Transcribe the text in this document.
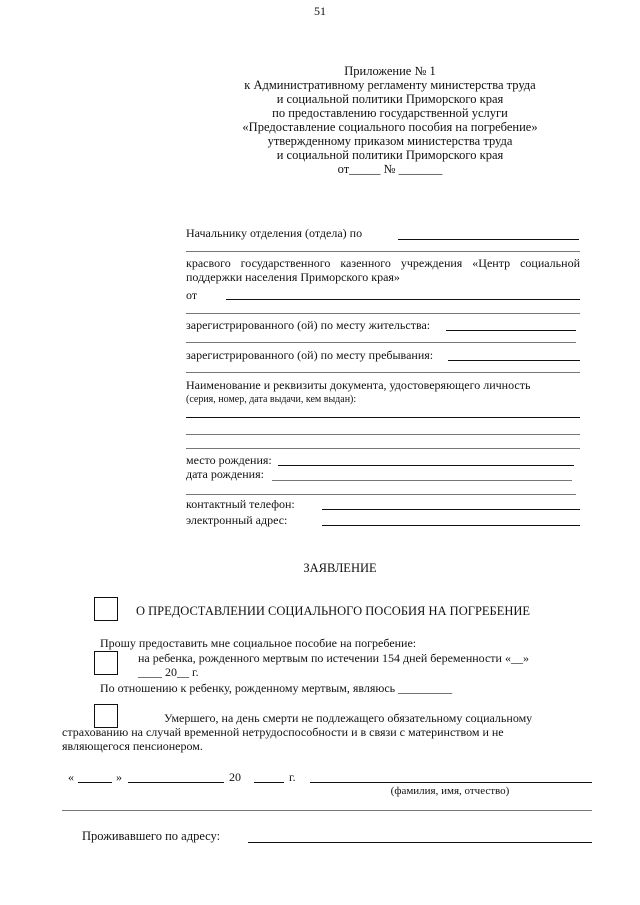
51
Приложение № 1
к Административному регламенту министерства труда
и социальной политики Приморского края
по предоставлению государственной услуги
«Предоставление социального пособия на погребение»
утвержденному приказом министерства труда
и социальной политики Приморского края
от_____ № _______
Начальнику отделения (отдела) по
красвого государственного казенного учреждения «Центр социальной поддержки населения Приморского края»
от
зарегистрированного (ой) по месту жительства:
зарегистрированного (ой) по месту пребывания:
Наименование и реквизиты документа, удостоверяющего личность
(серия, номер, дата выдачи, кем выдан):
место рождения:
дата рождения:
контактный телефон:
электронный адрес:
ЗАЯВЛЕНИЕ
О ПРЕДОСТАВЛЕНИИ СОЦИАЛЬНОГО ПОСОБИЯ НА ПОГРЕБЕНИЕ
Прошу предоставить мне социальное пособие на погребение:
на ребенка, рожденного мертвым по истечении 154 дней беременности «__»
____ 20__ г.
По отношению к ребенку, рожденному мертвым, являюсь _________
Умершего, на день смерти не подлежащего обязательному социальному
страхованию на случай временной нетрудоспособности и в связи с материнством и не
являющегося пенсионером.
«	»	20	г.
(фамилия, имя, отчество)
Проживавшего по адресу:
